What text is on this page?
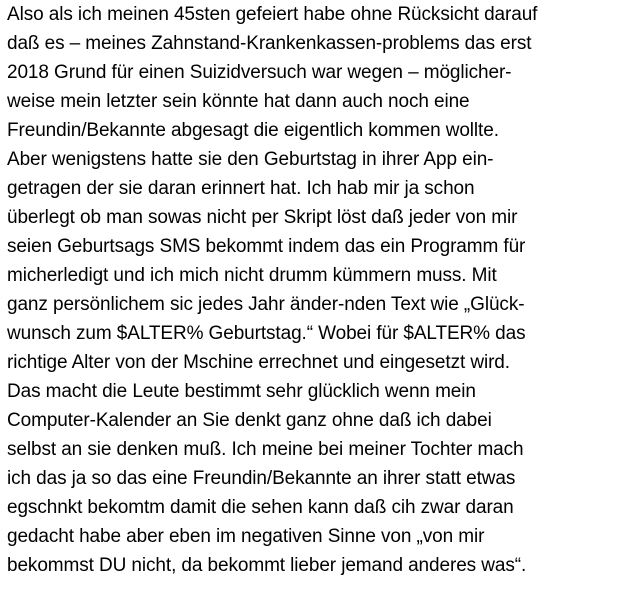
Also als ich meinen 45sten gefeiert habe ohne Rücksicht darauf
daß es – meines Zahnstand-Krankenkassen-problems das erst
2018 Grund für einen Suizidversuch war wegen – möglicher-
weise mein letzter sein könnte hat dann auch noch eine
Freundin/Bekannte abgesagt die eigentlich kommen wollte.
Aber wenigstens hatte sie den Geburtstag in ihrer App ein-
getragen der sie daran erinnert hat. Ich hab mir ja schon
überlegt ob man sowas nicht per Skript löst daß jeder von mir
seien Geburtsags SMS bekommt indem das ein Programm für
micherledigt und ich mich nicht drumm kümmern muss. Mit
ganz persönlichem sic jedes Jahr änder-nden Text wie „Glück-
wunsch zum $ALTER% Geburtstag.“ Wobei für $ALTER% das
richtige Alter von der Mschine errechnet und eingesetzt wird.
Das macht die Leute bestimmt sehr glücklich wenn mein
Computer-Kalender an Sie denkt ganz ohne daß ich dabei
selbst an sie denken muß. Ich meine bei meiner Tochter mach
ich das ja so das eine Freundin/Bekannte an ihrer statt etwas
egschnkt bekomtm damit die sehen kann daß cih zwar daran
gedacht habe aber eben im negativen Sinne von „von mir
bekommst DU nicht, da bekommt lieber jemand anderes was“.
